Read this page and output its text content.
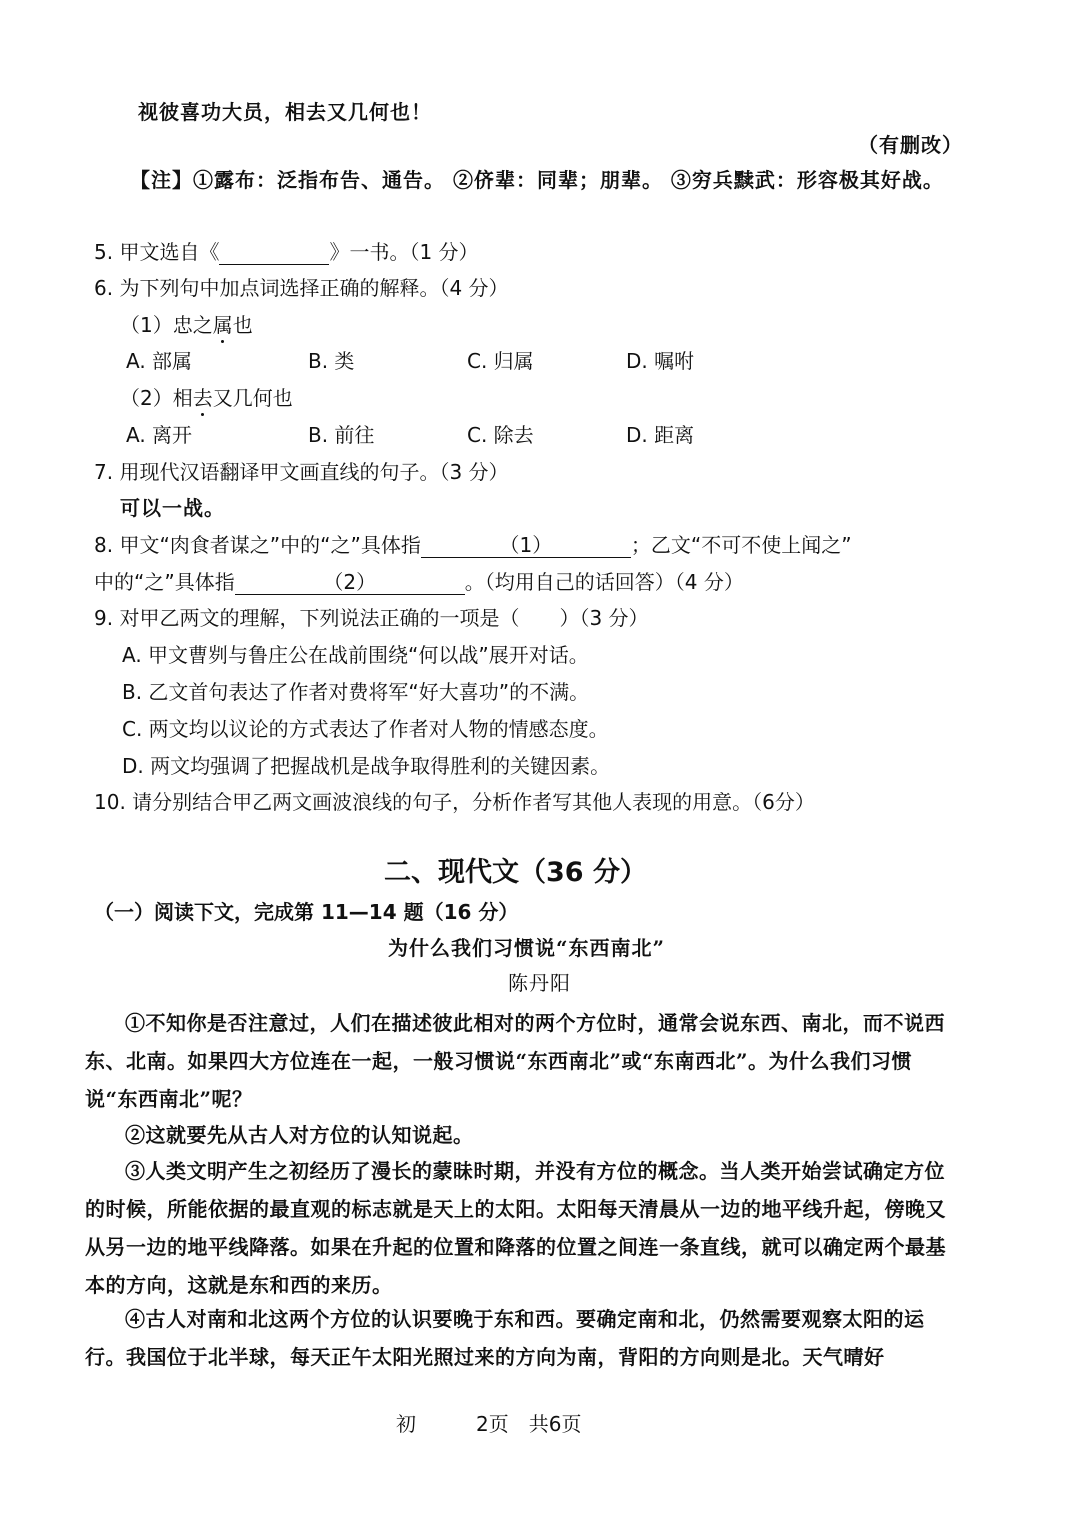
视彼喜功大员，相去又几何也！
（有删改）
【注】①露布：泛指布告、通告。 ②侪辈：同辈；朋辈。 ③穷兵黩武：形容极其好战。
5. 甲文选自《	》一书。（1 分）
6. 为下列句中加点词选择正确的解释。（4 分）
（1）忠之属也
A. 部属	B. 类	C. 归属	D. 嘱咐
（2）相去又几何也
A. 离开	B. 前往	C. 除去	D. 距离
7. 用现代汉语翻译甲文画直线的句子。（3 分）
可以一战。
8. 甲文“肉食者谋之”中的“之”具体指	（1）	；乙文“不可不使上闻之”
中的“之”具体指	（2）	。（均用自己的话回答）（4 分）
9. 对甲乙两文的理解，下列说法正确的一项是（　　）（3 分）
A. 甲文曹刿与鲁庄公在战前围绕“何以战”展开对话。
B. 乙文首句表达了作者对费将军“好大喜功”的不满。
C. 两文均以议论的方式表达了作者对人物的情感态度。
D. 两文均强调了把握战机是战争取得胜利的关键因素。
10. 请分别结合甲乙两文画波浪线的句子，分析作者写其他人表现的用意。（6分）
二、现代文（36 分）
（一）阅读下文，完成第 11—14 题（16 分）
为什么我们习惯说“东西南北”
陈丹阳
①不知你是否注意过，人们在描述彼此相对的两个方位时，通常会说东西、南北，而不说西东、北南。如果四大方位连在一起，一般习惯说“东西南北”或“东南西北”。为什么我们习惯说“东西南北”呢？
②这就要先从古人对方位的认知说起。
③人类文明产生之初经历了漫长的蒙昧时期，并没有方位的概念。当人类开始尝试确定方位的时候，所能依据的最直观的标志就是天上的太阳。太阳每天清晨从一边的地平线升起，傍晚又从另一边的地平线降落。如果在升起的位置和降落的位置之间连一条直线，就可以确定两个最基本的方向，这就是东和西的来历。
④古人对南和北这两个方位的认识要晚于东和西。要确定南和北，仍然需要观察太阳的运行。我国位于北半球，每天正午太阳光照过来的方向为南，背阳的方向则是北。天气晴好
初　　　2页　共6页
